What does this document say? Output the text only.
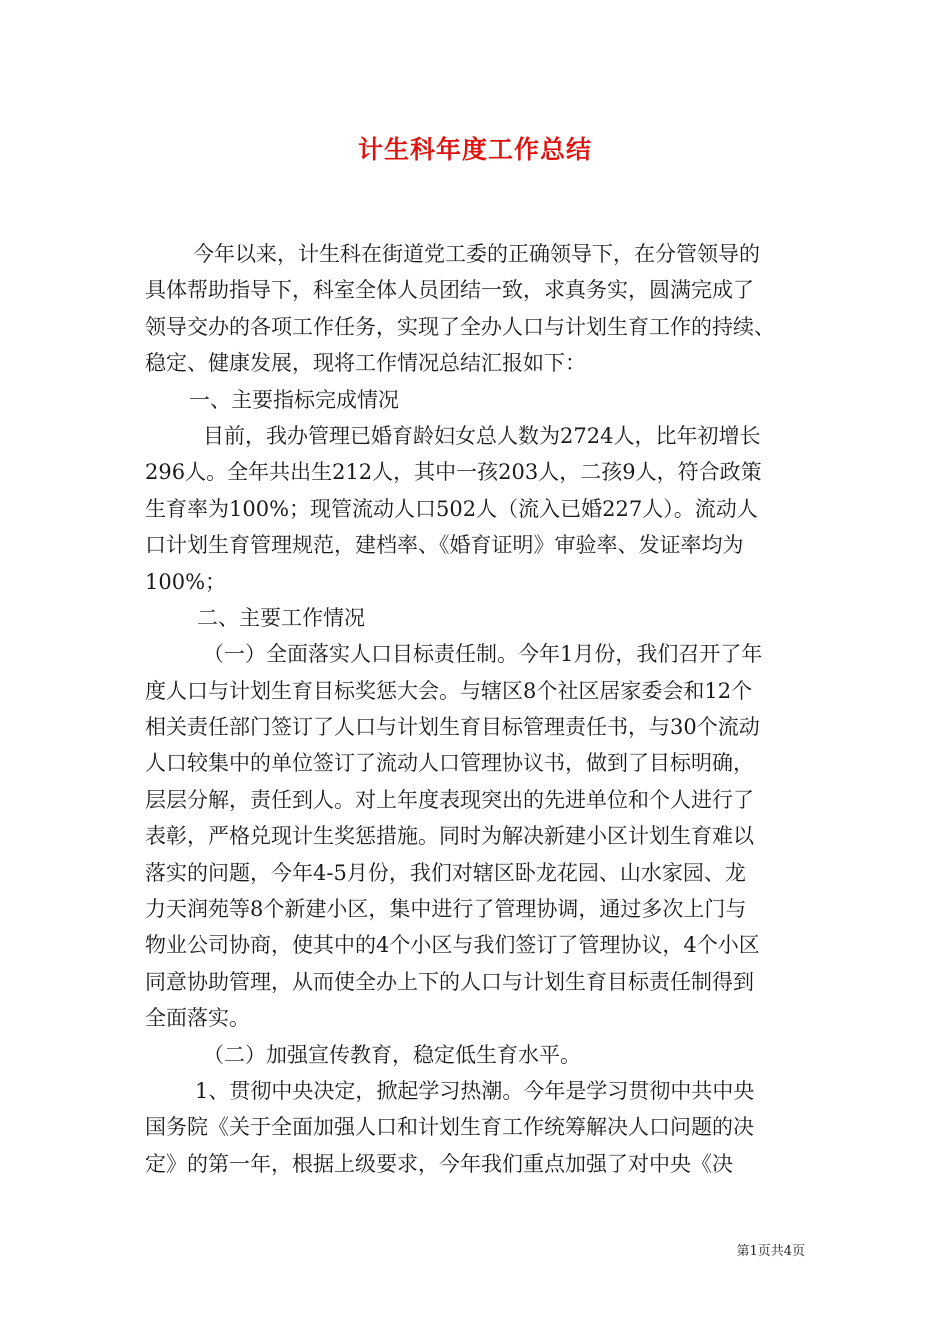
计生科年度工作总结
今年以来，计生科在街道党工委的正确领导下，在分管领导的
具体帮助指导下，科室全体人员团结一致，求真务实，圆满完成了
领导交办的各项工作任务，实现了全办人口与计划生育工作的持续、
稳定、健康发展，现将工作情况总结汇报如下：
一、主要指标完成情况
目前，我办管理已婚育龄妇女总人数为2724人，比年初增长
296人。全年共出生212人，其中一孩203人，二孩9人，符合政策
生育率为100%；现管流动人口502人（流入已婚227人）。流动人
口计划生育管理规范，建档率、《婚育证明》审验率、发证率均为
100%；
二、主要工作情况
（一）全面落实人口目标责任制。今年1月份，我们召开了年
度人口与计划生育目标奖惩大会。与辖区8个社区居家委会和12个
相关责任部门签订了人口与计划生育目标管理责任书，与30个流动
人口较集中的单位签订了流动人口管理协议书，做到了目标明确，
层层分解，责任到人。对上年度表现突出的先进单位和个人进行了
表彰，严格兑现计生奖惩措施。同时为解决新建小区计划生育难以
落实的问题，今年4-5月份，我们对辖区卧龙花园、山水家园、龙
力天润苑等8个新建小区，集中进行了管理协调，通过多次上门与
物业公司协商，使其中的4个小区与我们签订了管理协议，4个小区
同意协助管理，从而使全办上下的人口与计划生育目标责任制得到
全面落实。
（二）加强宣传教育，稳定低生育水平。
1、贯彻中央决定，掀起学习热潮。今年是学习贯彻中共中央
国务院《关于全面加强人口和计划生育工作统筹解决人口问题的决
定》的第一年，根据上级要求，今年我们重点加强了对中央《决
第1页共4页
